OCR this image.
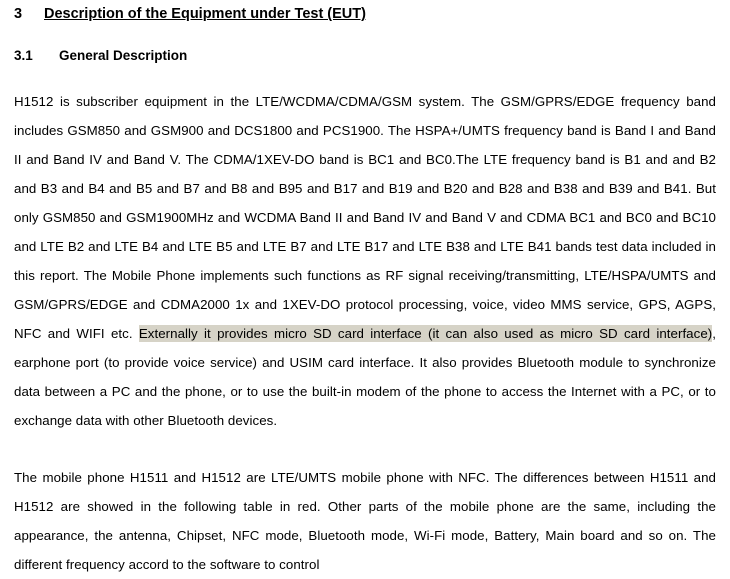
3	Description of the Equipment under Test (EUT)
3.1	General Description

H1512 is subscriber equipment in the LTE/WCDMA/CDMA/GSM system. The GSM/GPRS/EDGE frequency band includes GSM850 and GSM900 and DCS1800 and PCS1900. The HSPA+/UMTS frequency band is Band I and Band II and Band IV and Band V. The CDMA/1XEV-DO band is BC1 and BC0.The LTE frequency band is B1 and and B2 and B3 and B4 and B5 and B7 and B8 and B95 and B17 and B19 and B20 and B28 and B38 and B39 and B41. But only GSM850 and GSM1900MHz and WCDMA Band II and Band IV and Band V and CDMA BC1 and BC0 and BC10 and LTE B2 and LTE B4 and LTE B5 and LTE B7 and LTE B17 and LTE B38 and LTE B41 bands test data included in this report. The Mobile Phone implements such functions as RF signal receiving/transmitting, LTE/HSPA/UMTS and GSM/GPRS/EDGE and CDMA2000 1x and 1XEV-DO protocol processing, voice, video MMS service, GPS, AGPS, NFC and WIFI etc. Externally it provides micro SD card interface (it can also used as micro SD card interface), earphone port (to provide voice service) and USIM card interface. It also provides Bluetooth module to synchronize data between a PC and the phone, or to use the built-in modem of the phone to access the Internet with a PC, or to exchange data with other Bluetooth devices.

The mobile phone H1511 and H1512 are LTE/UMTS mobile phone with NFC. The differences between H1511 and H1512 are showed in the following table in red. Other parts of the mobile phone are the same, including the appearance, the antenna, Chipset, NFC mode, Bluetooth mode, Wi-Fi mode, Battery, Main board and so on. The different frequency accord to the software to control
